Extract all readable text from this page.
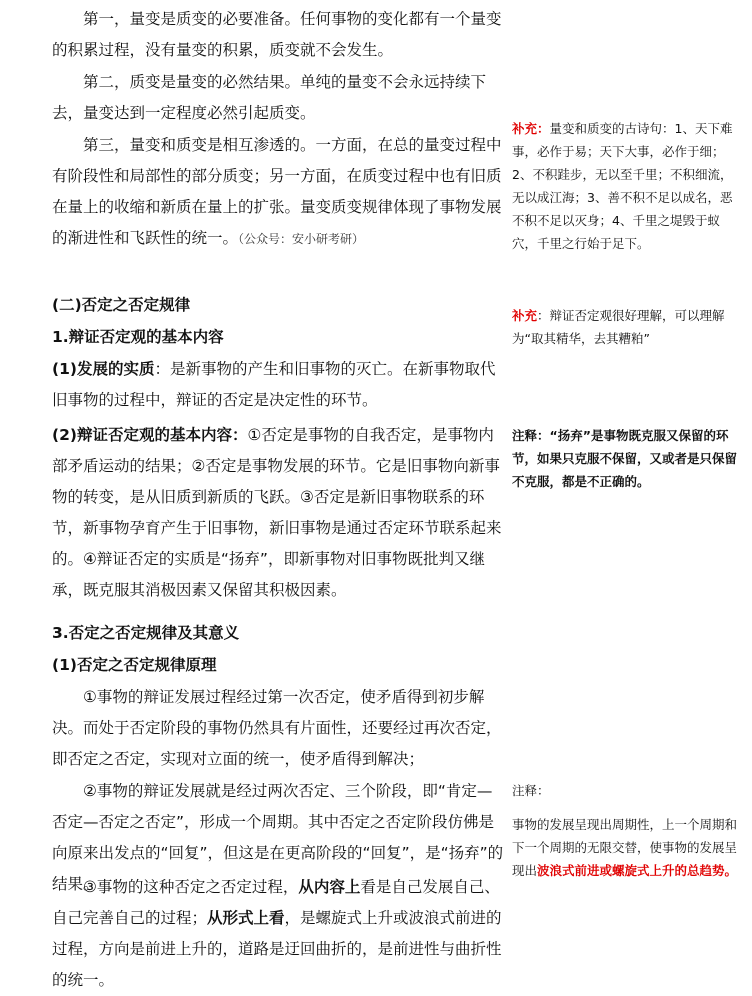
第一，量变是质变的必要准备。任何事物的变化都有一个量变的积累过程，没有量变的积累，质变就不会发生。

第二，质变是量变的必然结果。单纯的量变不会永远持续下去，量变达到一定程度必然引起质变。

第三，量变和质变是相互渗透的。一方面，在总的量变过程中有阶段性和局部性的部分质变；另一方面，在质变过程中也有旧质在量上的收缩和新质在量上的扩张。量变质变规律体现了事物发展的渐进性和飞跃性的统一。（公众号：安小研考研）

(二)否定之否定规律

1.辩证否定观的基本内容

(1)发展的实质：是新事物的产生和旧事物的灭亡。在新事物取代旧事物的过程中，辩证的否定是决定性的环节。

(2)辩证否定观的基本内容：①否定是事物的自我否定，是事物内部矛盾运动的结果；②否定是事物发展的环节。它是旧事物向新事物的转变，是从旧质到新质的飞跃。③否定是新旧事物联系的环节，新事物孕育产生于旧事物，新旧事物是通过否定环节联系起来的。④辩证否定的实质是“扬弃”，即新事物对旧事物既批判又继承，既克服其消极因素又保留其积极因素。

3.否定之否定规律及其意义

(1)否定之否定规律原理

①事物的辩证发展过程经过第一次否定，使矛盾得到初步解决。而处于否定阶段的事物仍然具有片面性，还要经过再次否定，即否定之否定，实现对立面的统一，使矛盾得到解决；

②事物的辩证发展就是经过两次否定、三个阶段，即“肯定—否定—否定之否定”，形成一个周期。其中否定之否定阶段仿佛是向原来出发点的“回复”，但这是在更高阶段的“回复”，是“扬弃”的结果。

③事物的这种否定之否定过程，从内容上看是自己发展自己、自己完善自己的过程；从形式上看，是螺旋式上升或波浪式前进的过程，方向是前进上升的，道路是迂回曲折的，是前进性与曲折性的统一。

补充：量变和质变的古诗句：1、天下难事，必作于易；天下大事，必作于细；2、不积跬步，无以至千里；不积细流，无以成江海；3、善不积不足以成名，恶不积不足以灭身；4、千里之堤毁于蚁穴，千里之行始于足下。
补充：辩证否定观很好理解，可以理解为“取其精华，去其糟粕”
注释：“扬弃”是事物既克服又保留的环节，如果只克服不保留，又或者是只保留不克服，都是不正确的。
注释：
事物的发展呈现出周期性，上一个周期和下一个周期的无限交替，使事物的发展呈现出波浪式前进或螺旋式上升的总趋势。
